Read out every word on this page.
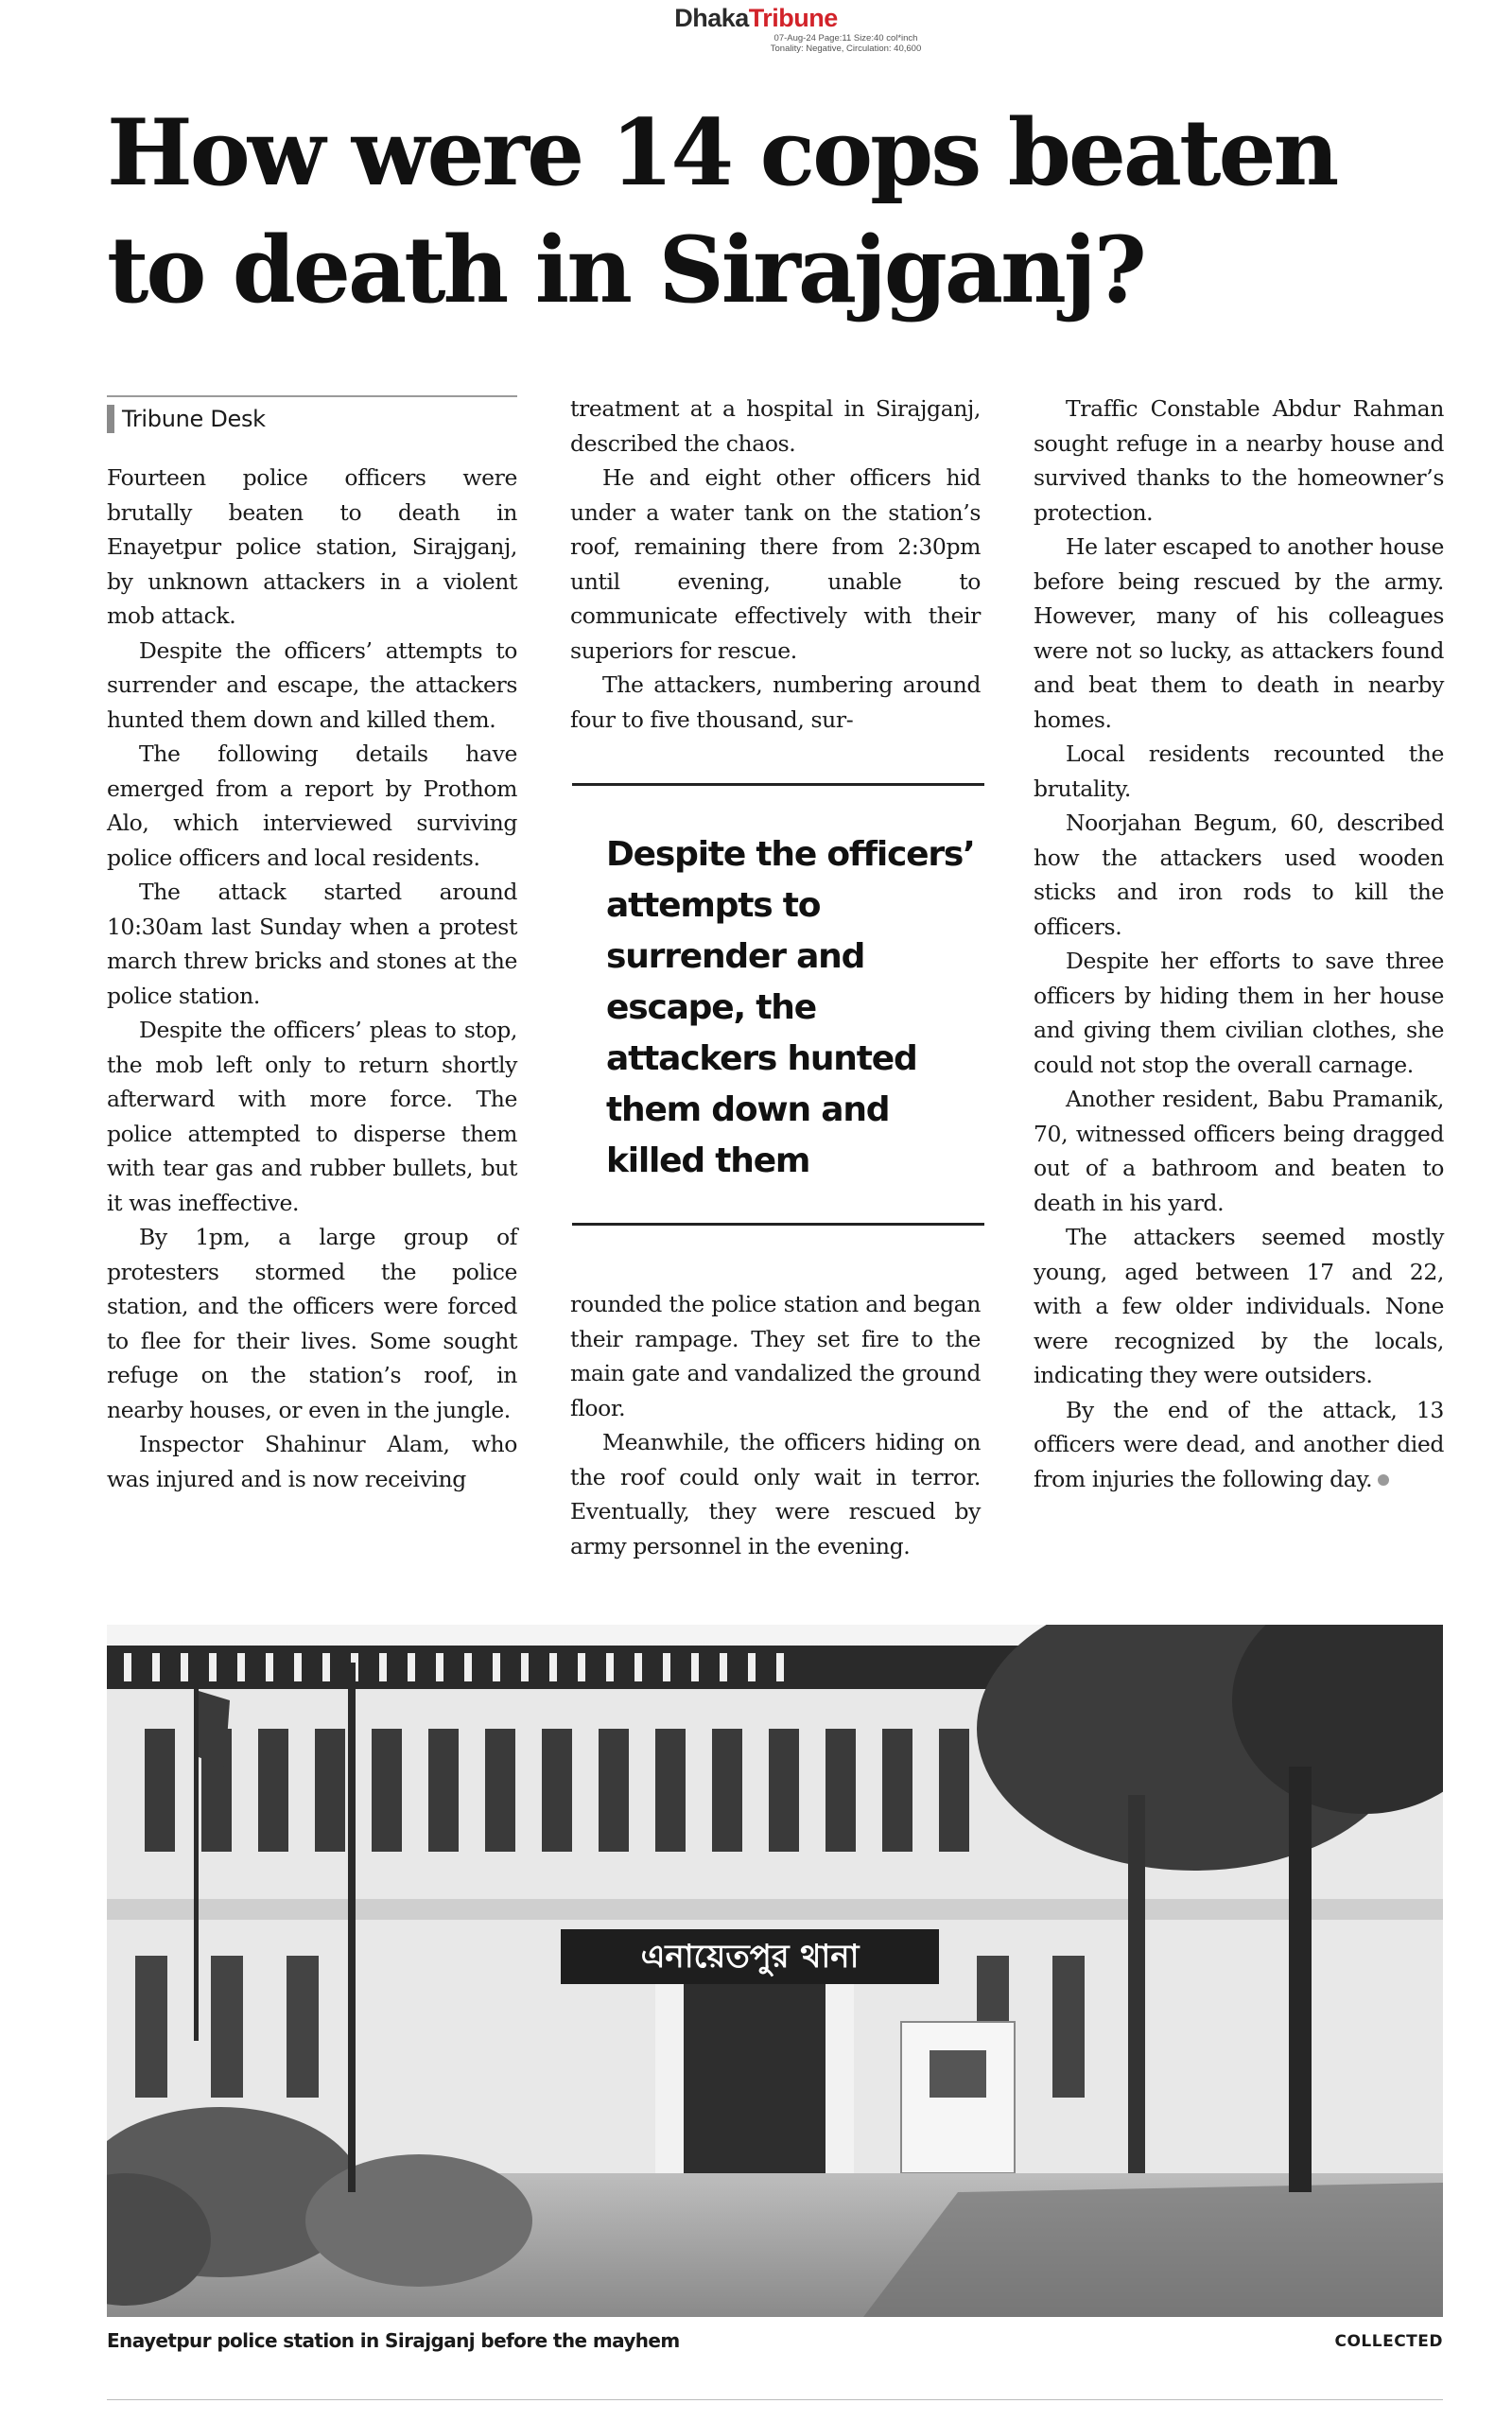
DhakaTribune
07-Aug-24 Page:11 Size:40 col*inch
Tonality: Negative, Circulation: 40,600
How were 14 cops beaten
to death in Sirajganj?
Tribune Desk

Fourteen police officers were brutally beaten to death in Enayetpur police station, Sirajganj, by unknown attackers in a violent mob attack.

Despite the officers’ attempts to surrender and escape, the attackers hunted them down and killed them.

The following details have emerged from a report by Prothom Alo, which interviewed surviving police officers and local residents.

The attack started around 10:30am last Sunday when a protest march threw bricks and stones at the police station.

Despite the officers’ pleas to stop, the mob left only to return shortly afterward with more force. The police attempted to disperse them with tear gas and rubber bullets, but it was ineffective.

By 1pm, a large group of protesters stormed the police station, and the officers were forced to flee for their lives. Some sought refuge on the station’s roof, in nearby houses, or even in the jungle.

Inspector Shahinur Alam, who was injured and is now receiving

treatment at a hospital in Sirajganj, described the chaos.

He and eight other officers hid under a water tank on the station’s roof, remaining there from 2:30pm until evening, unable to communicate effectively with their superiors for rescue.

The attackers, numbering around four to five thousand, sur-

Despite the officers’ attempts to surrender and escape, the attackers hunted them down and killed them

rounded the police station and began their rampage. They set fire to the main gate and vandalized the ground floor.

Meanwhile, the officers hiding on the roof could only wait in terror. Eventually, they were rescued by army personnel in the evening.

Traffic Constable Abdur Rahman sought refuge in a nearby house and survived thanks to the homeowner’s protection.

He later escaped to another house before being rescued by the army. However, many of his colleagues were not so lucky, as attackers found and beat them to death in nearby homes.

Local residents recounted the brutality.

Noorjahan Begum, 60, described how the attackers used wooden sticks and iron rods to kill the officers.

Despite her efforts to save three officers by hiding them in her house and giving them civilian clothes, she could not stop the overall carnage.

Another resident, Babu Pramanik, 70, witnessed officers being dragged out of a bathroom and beaten to death in his yard.

The attackers seemed mostly young, aged between 17 and 22, with a few older individuals. None were recognized by the locals, indicating they were outsiders.

By the end of the attack, 13 officers were dead, and another died from injuries the following day.

এনায়েতপুর থানা
Enayetpur police station in Sirajganj before the mayhem	COLLECTED
